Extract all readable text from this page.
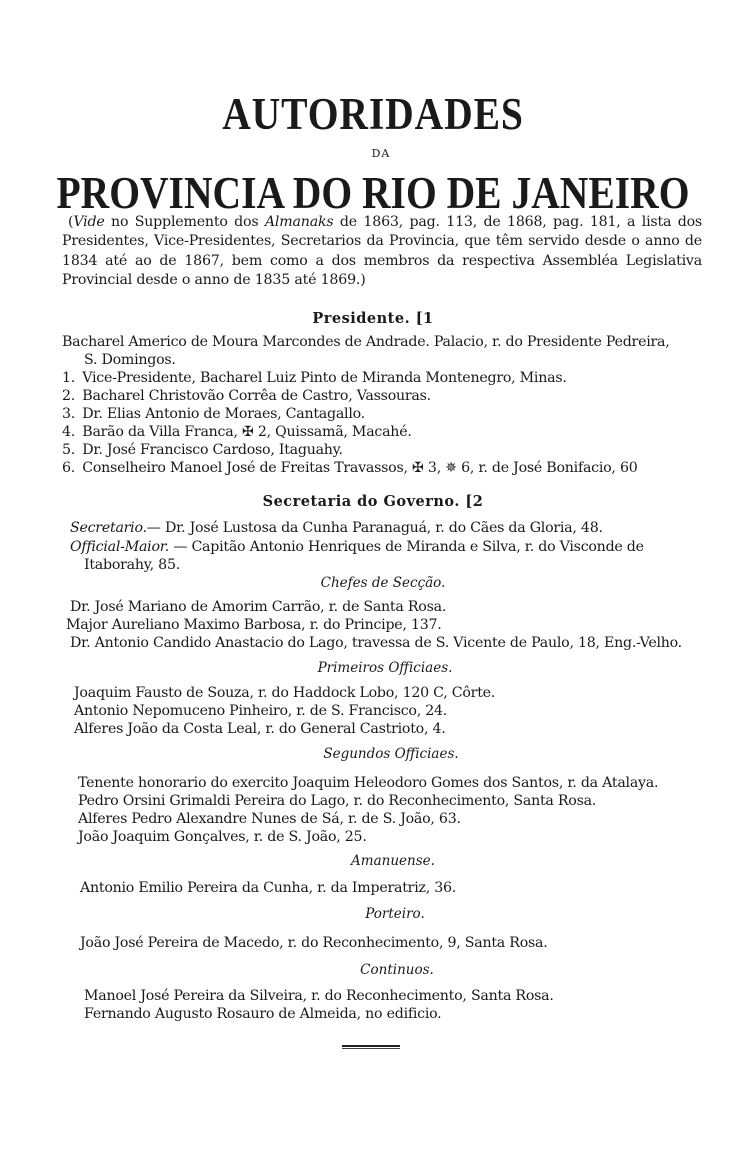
AUTORIDADES
DA
PROVINCIA DO RIO DE JANEIRO

(Vide no Supplemento dos Almanaks de 1863, pag. 113, de 1868, pag. 181, a lista dos Presidentes, Vice-Presidentes, Secretarios da Provincia, que têm servido desde o anno de 1834 até ao de 1867, bem como a dos membros da respectiva Assembléa Legislativa Provincial desde o anno de 1835 até 1869.)

Presidente. [1
Bacharel Americo de Moura Marcondes de Andrade. Palacio, r. do Presidente Pedreira,
S. Domingos.
1. Vice-Presidente, Bacharel Luiz Pinto de Miranda Montenegro, Minas.
2. Bacharel Christovão Corrêa de Castro, Vassouras.
3. Dr. Elias Antonio de Moraes, Cantagallo.
4. Barão da Villa Franca, ✠ 2, Quissamã, Macahé.
5. Dr. José Francisco Cardoso, Itaguahy.
6. Conselheiro Manoel José de Freitas Travassos, ✠ 3, ✵ 6, r. de José Bonifacio, 60
Secretaria do Governo. [2
Secretario.— Dr. José Lustosa da Cunha Paranaguá, r. do Cães da Gloria, 48.
Official-Maior. — Capitão Antonio Henriques de Miranda e Silva, r. do Visconde de
Itaborahy, 85.
Chefes de Secção.
Dr. José Mariano de Amorim Carrão, r. de Santa Rosa.
Major Aureliano Maximo Barbosa, r. do Principe, 137.
Dr. Antonio Candido Anastacio do Lago, travessa de S. Vicente de Paulo, 18, Eng.-Velho.
Primeiros Officiaes.
Joaquim Fausto de Souza, r. do Haddock Lobo, 120 C, Côrte.
Antonio Nepomuceno Pinheiro, r. de S. Francisco, 24.
Alferes João da Costa Leal, r. do General Castrioto, 4.
Segundos Officiaes.
Tenente honorario do exercito Joaquim Heleodoro Gomes dos Santos, r. da Atalaya.
Pedro Orsini Grimaldi Pereira do Lago, r. do Reconhecimento, Santa Rosa.
Alferes Pedro Alexandre Nunes de Sá, r. de S. João, 63.
João Joaquim Gonçalves, r. de S. João, 25.
Amanuense.
Antonio Emilio Pereira da Cunha, r. da Imperatriz, 36.
Porteiro.
João José Pereira de Macedo, r. do Reconhecimento, 9, Santa Rosa.
Continuos.
Manoel José Pereira da Silveira, r. do Reconhecimento, Santa Rosa.
Fernando Augusto Rosauro de Almeida, no edificio.
